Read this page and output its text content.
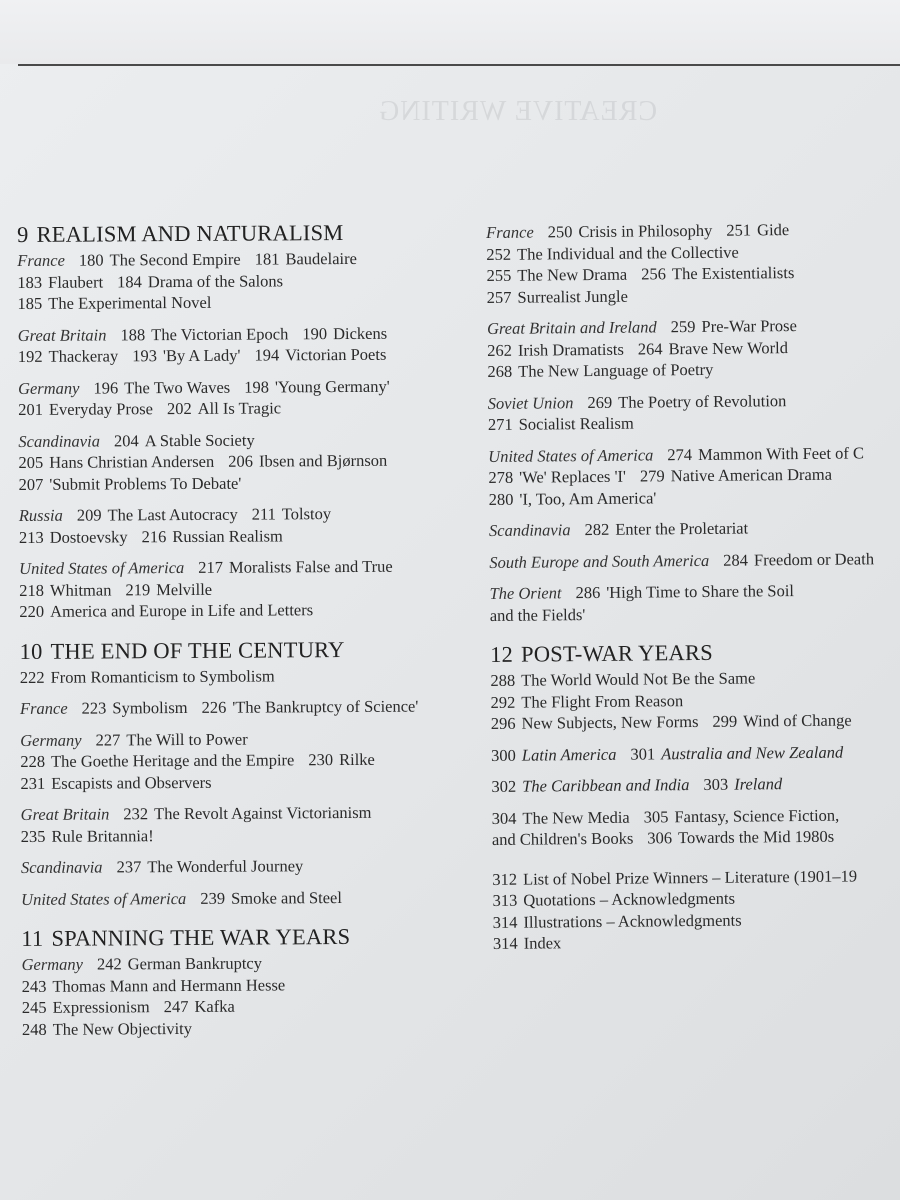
CREATIVE WRITING
9 REALISM AND NATURALISM
France 180 The Second Empire 181 Baudelaire
183 Flaubert 184 Drama of the Salons
185 The Experimental Novel
Great Britain 188 The Victorian Epoch 190 Dickens
192 Thackeray 193 'By A Lady' 194 Victorian Poets
Germany 196 The Two Waves 198 'Young Germany'
201 Everyday Prose 202 All Is Tragic
Scandinavia 204 A Stable Society
205 Hans Christian Andersen 206 Ibsen and Bjørnson
207 'Submit Problems To Debate'
Russia 209 The Last Autocracy 211 Tolstoy
213 Dostoevsky 216 Russian Realism
United States of America 217 Moralists False and True
218 Whitman 219 Melville
220 America and Europe in Life and Letters
10 THE END OF THE CENTURY
222 From Romanticism to Symbolism
France 223 Symbolism 226 'The Bankruptcy of Science'
Germany 227 The Will to Power
228 The Goethe Heritage and the Empire 230 Rilke
231 Escapists and Observers
Great Britain 232 The Revolt Against Victorianism
235 Rule Britannia!
Scandinavia 237 The Wonderful Journey
United States of America 239 Smoke and Steel
11 SPANNING THE WAR YEARS
Germany 242 German Bankruptcy
243 Thomas Mann and Hermann Hesse
245 Expressionism 247 Kafka
248 The New Objectivity
France 250 Crisis in Philosophy 251 Gide
252 The Individual and the Collective
255 The New Drama 256 The Existentialists
257 Surrealist Jungle
Great Britain and Ireland 259 Pre-War Prose
262 Irish Dramatists 264 Brave New World
268 The New Language of Poetry
Soviet Union 269 The Poetry of Revolution
271 Socialist Realism
United States of America 274 Mammon With Feet of C
278 'We' Replaces 'I' 279 Native American Drama
280 'I, Too, Am America'
Scandinavia 282 Enter the Proletariat
South Europe and South America 284 Freedom or Death
The Orient 286 'High Time to Share the Soil
and the Fields'
12 POST-WAR YEARS
288 The World Would Not Be the Same
292 The Flight From Reason
296 New Subjects, New Forms 299 Wind of Change
300 Latin America 301 Australia and New Zealand
302 The Caribbean and India 303 Ireland
304 The New Media 305 Fantasy, Science Fiction,
and Children's Books 306 Towards the Mid 1980s
312 List of Nobel Prize Winners – Literature (1901–19
313 Quotations – Acknowledgments
314 Illustrations – Acknowledgments
314 Index
